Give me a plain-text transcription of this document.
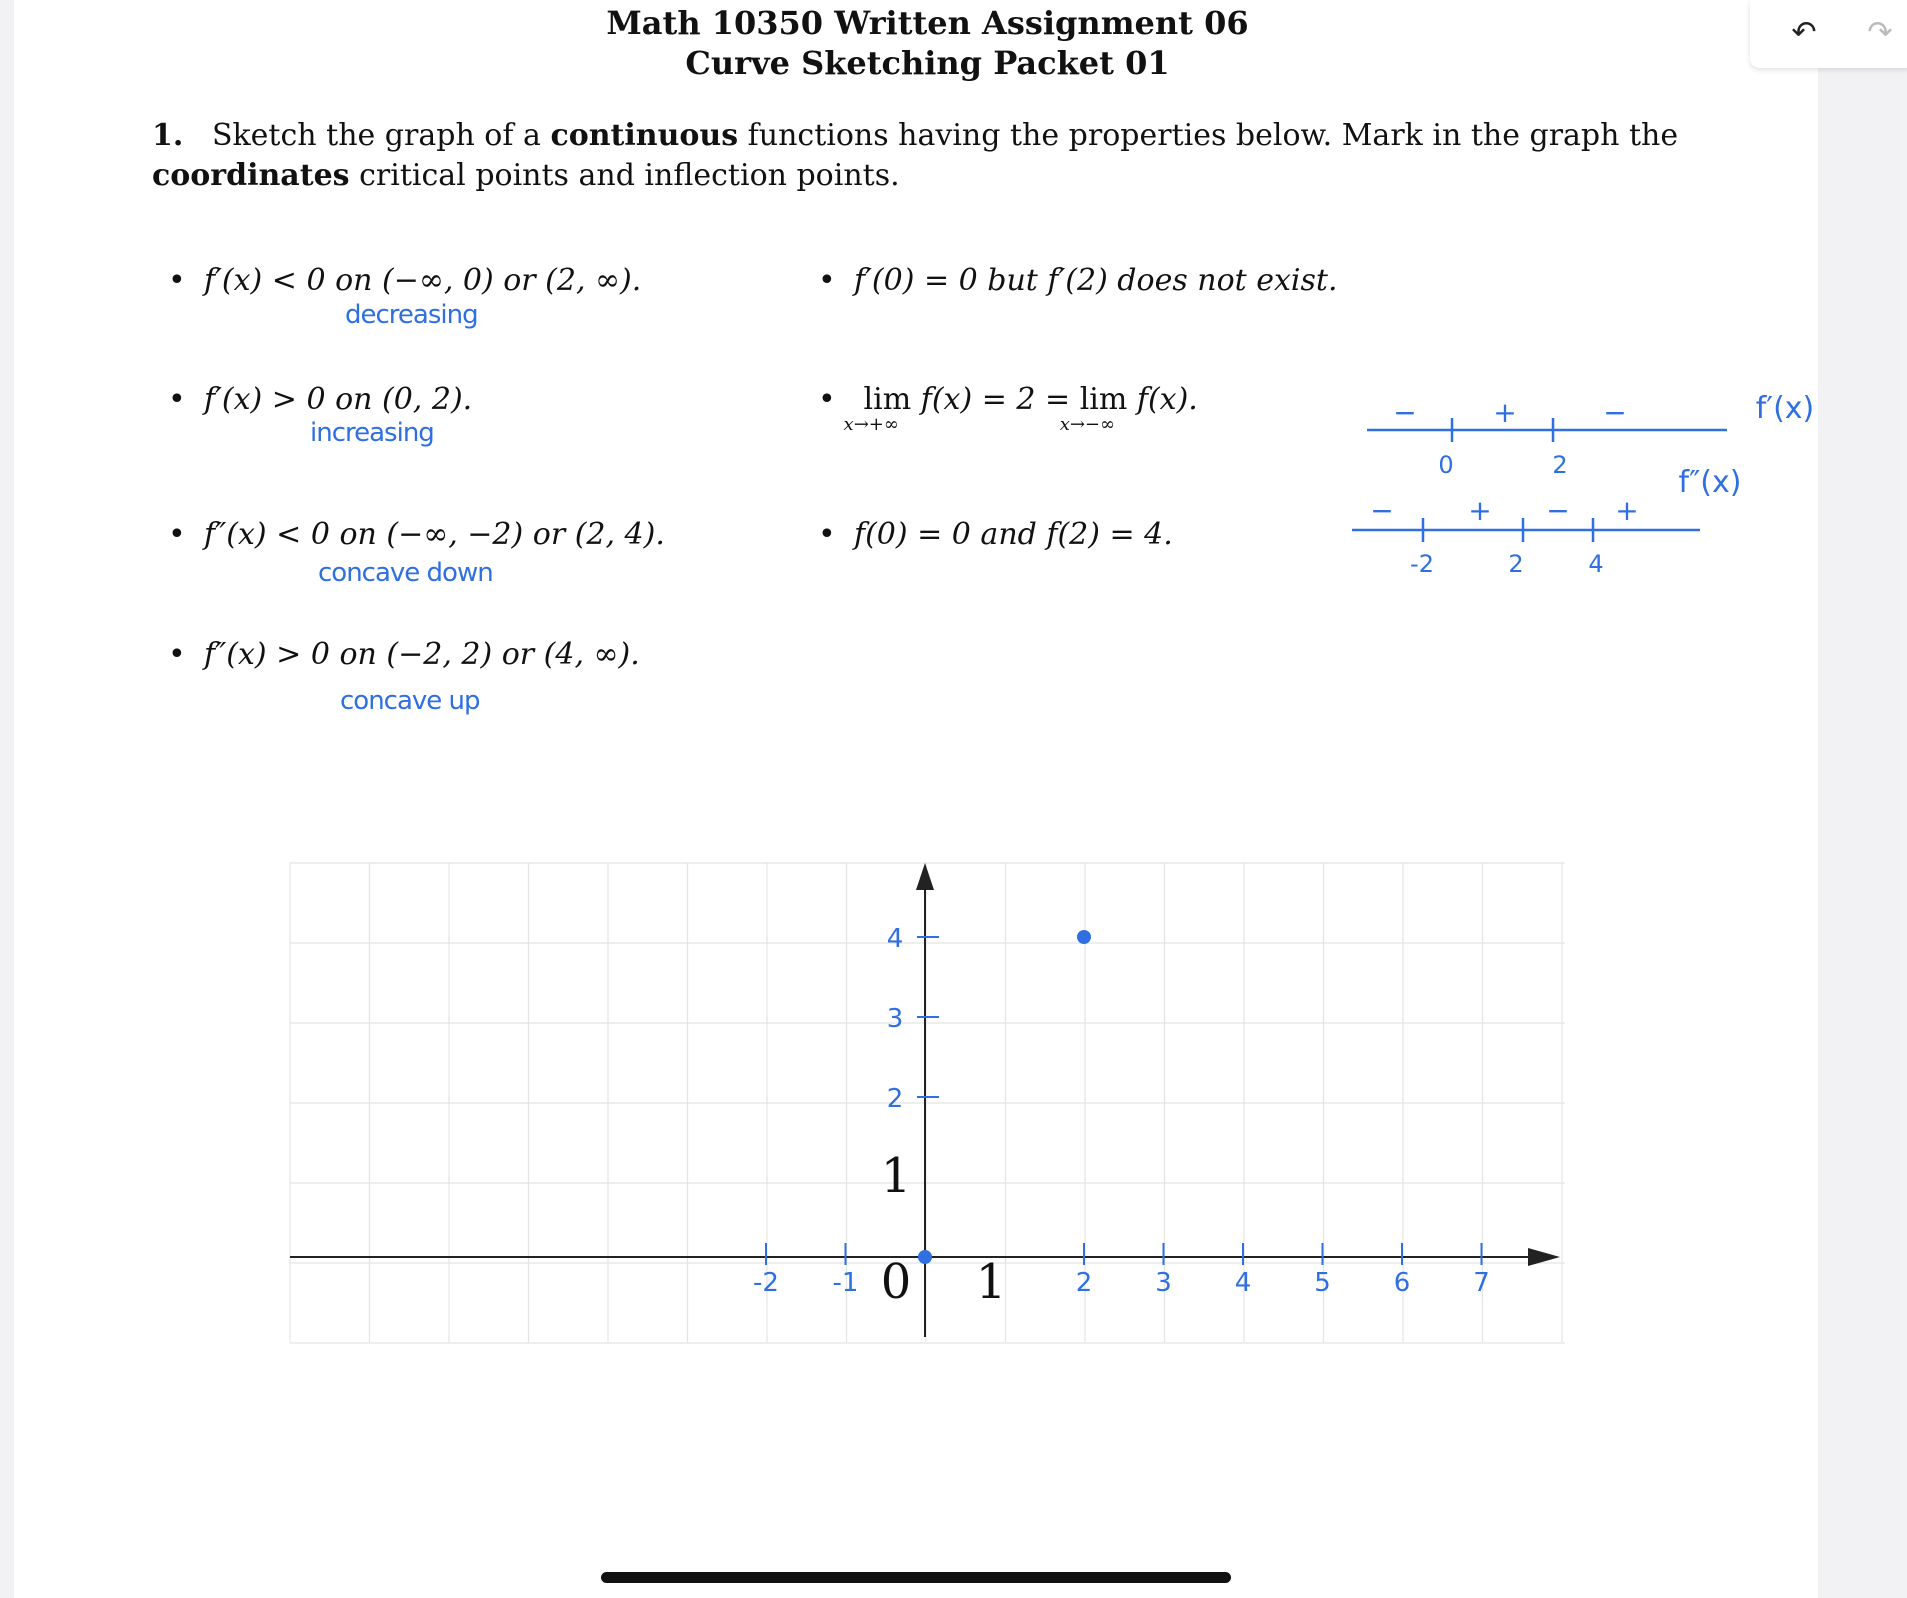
Math 10350 Written Assignment 06
Curve Sketching Packet 01
1. Sketch the graph of a continuous functions having the properties below. Mark in the graph the coordinates critical points and inflection points.
• f′(x) < 0 on (−∞, 0) or (2, ∞).
• f′(x) > 0 on (0, 2).
• f″(x) < 0 on (−∞, −2) or (2, 4).
• f″(x) > 0 on (−2, 2) or (4, ∞).
• f′(0) = 0 but f′(2) does not exist.
• lim
x→+∞
f(x) = 2 = lim
x→−∞
f(x).
• f(0) = 0 and f(2) = 4.
decreasing
increasing
concave down
concave up
−	+	−
0	2
f′(x)
−	+ − +
-2	2	4
f″(x)
-2 -1	2 3 4 5 6 7
4
3
2
0 1
1
↶ ↷
